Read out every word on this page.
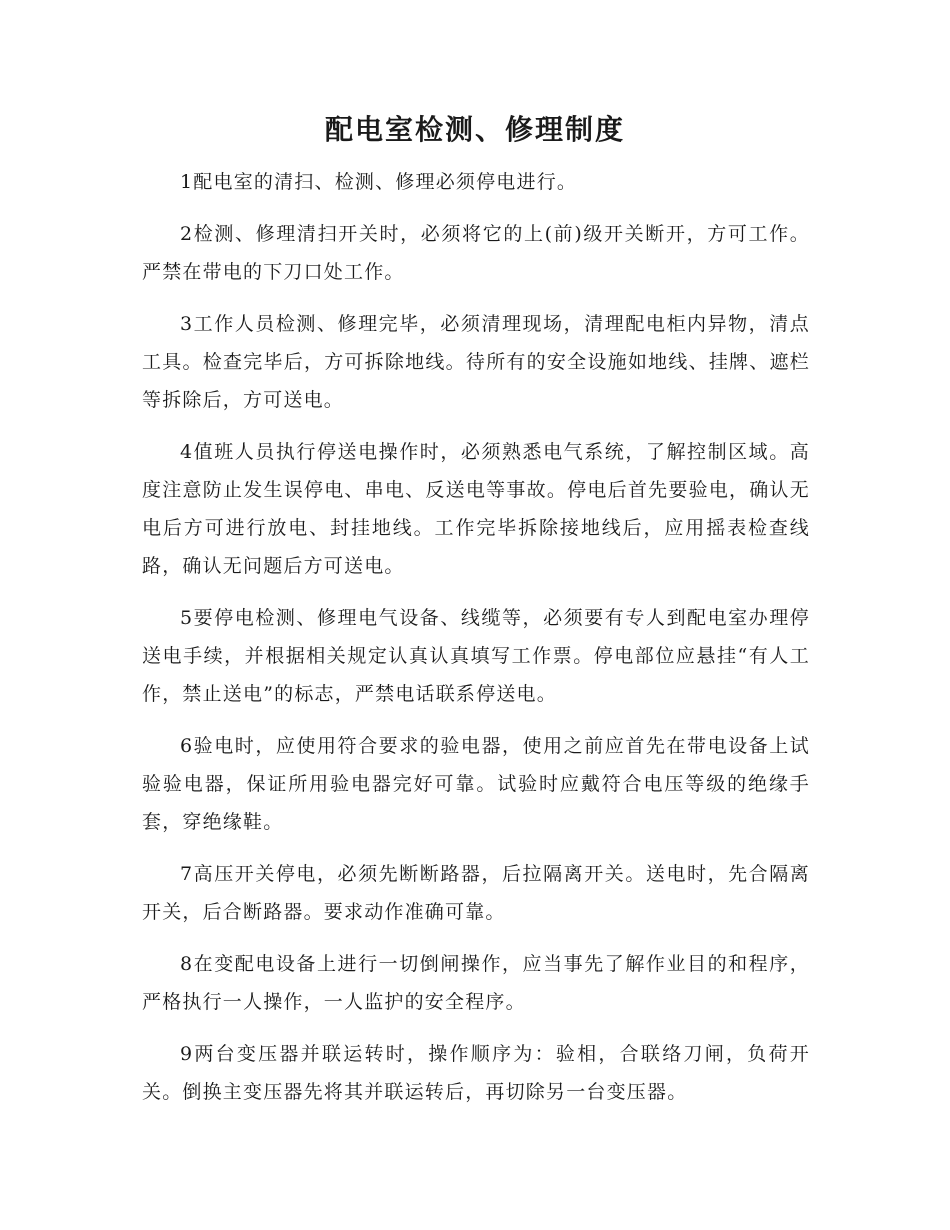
配电室检测、修理制度

1配电室的清扫、检测、修理必须停电进行。

2检测、修理清扫开关时，必须将它的上(前)级开关断开，方可工作。严禁在带电的下刀口处工作。

3工作人员检测、修理完毕，必须清理现场，清理配电柜内异物，清点工具。检查完毕后，方可拆除地线。待所有的安全设施如地线、挂牌、遮栏等拆除后，方可送电。

4值班人员执行停送电操作时，必须熟悉电气系统，了解控制区域。高度注意防止发生误停电、串电、反送电等事故。停电后首先要验电，确认无电后方可进行放电、封挂地线。工作完毕拆除接地线后，应用摇表检查线路，确认无问题后方可送电。

5要停电检测、修理电气设备、线缆等，必须要有专人到配电室办理停送电手续，并根据相关规定认真认真填写工作票。停电部位应悬挂“有人工作，禁止送电”的标志，严禁电话联系停送电。

6验电时，应使用符合要求的验电器，使用之前应首先在带电设备上试验验电器，保证所用验电器完好可靠。试验时应戴符合电压等级的绝缘手套，穿绝缘鞋。

7高压开关停电，必须先断断路器，后拉隔离开关。送电时，先合隔离开关，后合断路器。要求动作准确可靠。

8在变配电设备上进行一切倒闸操作，应当事先了解作业目的和程序，严格执行一人操作，一人监护的安全程序。

9两台变压器并联运转时，操作顺序为：验相，合联络刀闸，负荷开关。倒换主变压器先将其并联运转后，再切除另一台变压器。
